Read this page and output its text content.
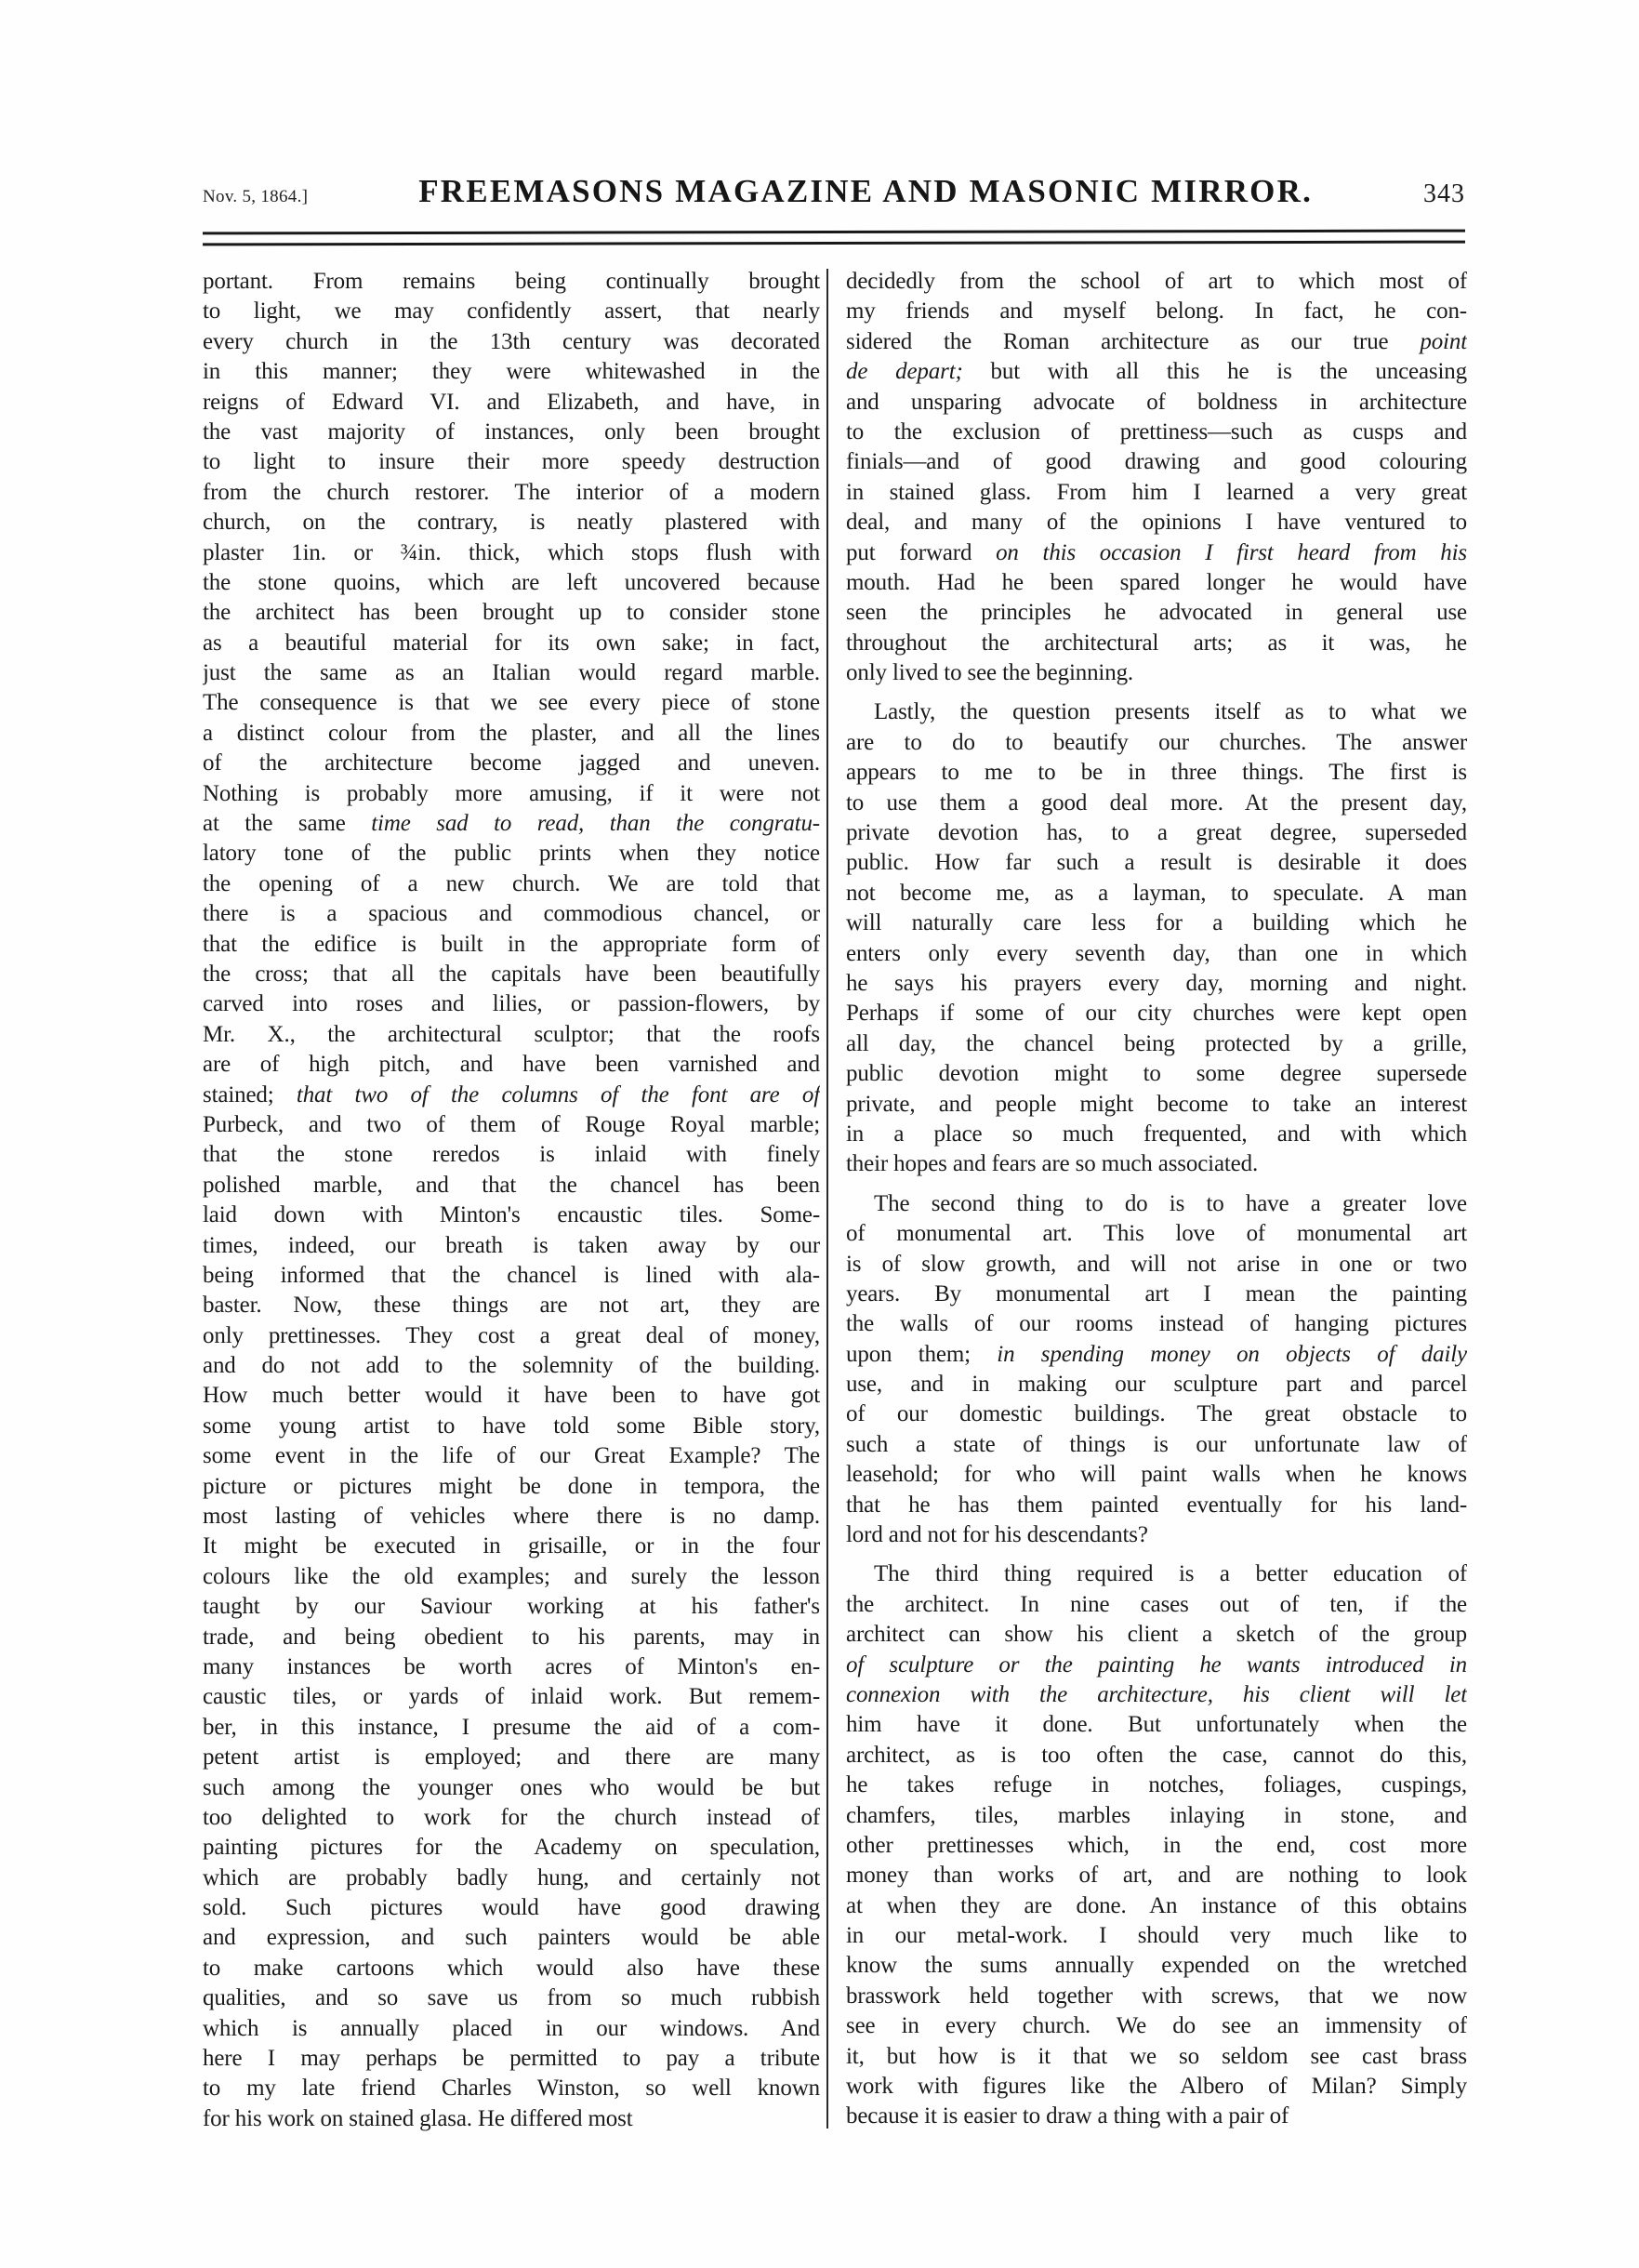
Nov. 5, 1864.]	FREEMASONS MAGAZINE AND MASONIC MIRROR.	343
portant. From remains being continually brought
to light, we may confidently assert, that nearly
every church in the 13th century was decorated
in this manner; they were whitewashed in the
reigns of Edward VI. and Elizabeth, and have, in
the vast majority of instances, only been brought
to light to insure their more speedy destruction
from the church restorer. The interior of a modern
church, on the contrary, is neatly plastered with
plaster 1in. or ¾in. thick, which stops flush with
the stone quoins, which are left uncovered because
the architect has been brought up to consider stone
as a beautiful material for its own sake; in fact,
just the same as an Italian would regard marble.
The consequence is that we see every piece of stone
a distinct colour from the plaster, and all the lines
of the architecture become jagged and uneven.
Nothing is probably more amusing, if it were not
at the same time sad to read, than the congratu-
latory tone of the public prints when they notice
the opening of a new church. We are told that
there is a spacious and commodious chancel, or
that the edifice is built in the appropriate form of
the cross; that all the capitals have been beautifully
carved into roses and lilies, or passion-flowers, by
Mr. X., the architectural sculptor; that the roofs
are of high pitch, and have been varnished and
stained; that two of the columns of the font are of
Purbeck, and two of them of Rouge Royal marble;
that the stone reredos is inlaid with finely
polished marble, and that the chancel has been
laid down with Minton's encaustic tiles. Some-
times, indeed, our breath is taken away by our
being informed that the chancel is lined with ala-
baster. Now, these things are not art, they are
only prettinesses. They cost a great deal of money,
and do not add to the solemnity of the building.
How much better would it have been to have got
some young artist to have told some Bible story,
some event in the life of our Great Example? The
picture or pictures might be done in tempora, the
most lasting of vehicles where there is no damp.
It might be executed in grisaille, or in the four
colours like the old examples; and surely the lesson
taught by our Saviour working at his father's
trade, and being obedient to his parents, may in
many instances be worth acres of Minton's en-
caustic tiles, or yards of inlaid work. But remem-
ber, in this instance, I presume the aid of a com-
petent artist is employed; and there are many
such among the younger ones who would be but
too delighted to work for the church instead of
painting pictures for the Academy on speculation,
which are probably badly hung, and certainly not
sold. Such pictures would have good drawing
and expression, and such painters would be able
to make cartoons which would also have these
qualities, and so save us from so much rubbish
which is annually placed in our windows. And
here I may perhaps be permitted to pay a tribute
to my late friend Charles Winston, so well known
for his work on stained glasa. He differed most
decidedly from the school of art to which most of
my friends and myself belong. In fact, he con-
sidered the Roman architecture as our true point
de depart; but with all this he is the unceasing
and unsparing advocate of boldness in architecture
to the exclusion of prettiness—such as cusps and
finials—and of good drawing and good colouring
in stained glass. From him I learned a very great
deal, and many of the opinions I have ventured to
put forward on this occasion I first heard from his
mouth. Had he been spared longer he would have
seen the principles he advocated in general use
throughout the architectural arts; as it was, he
only lived to see the beginning.
Lastly, the question presents itself as to what we
are to do to beautify our churches. The answer
appears to me to be in three things. The first is
to use them a good deal more. At the present day,
private devotion has, to a great degree, superseded
public. How far such a result is desirable it does
not become me, as a layman, to speculate. A man
will naturally care less for a building which he
enters only every seventh day, than one in which
he says his prayers every day, morning and night.
Perhaps if some of our city churches were kept open
all day, the chancel being protected by a grille,
public devotion might to some degree supersede
private, and people might become to take an interest
in a place so much frequented, and with which
their hopes and fears are so much associated.
The second thing to do is to have a greater love
of monumental art. This love of monumental art
is of slow growth, and will not arise in one or two
years. By monumental art I mean the painting
the walls of our rooms instead of hanging pictures
upon them; in spending money on objects of daily
use, and in making our sculpture part and parcel
of our domestic buildings. The great obstacle to
such a state of things is our unfortunate law of
leasehold; for who will paint walls when he knows
that he has them painted eventually for his land-
lord and not for his descendants?
The third thing required is a better education of
the architect. In nine cases out of ten, if the
architect can show his client a sketch of the group
of sculpture or the painting he wants introduced in
connexion with the architecture, his client will let
him have it done. But unfortunately when the
architect, as is too often the case, cannot do this,
he takes refuge in notches, foliages, cuspings,
chamfers, tiles, marbles inlaying in stone, and
other prettinesses which, in the end, cost more
money than works of art, and are nothing to look
at when they are done. An instance of this obtains
in our metal-work. I should very much like to
know the sums annually expended on the wretched
brasswork held together with screws, that we now
see in every church. We do see an immensity of
it, but how is it that we so seldom see cast brass
work with figures like the Albero of Milan? Simply
because it is easier to draw a thing with a pair of
